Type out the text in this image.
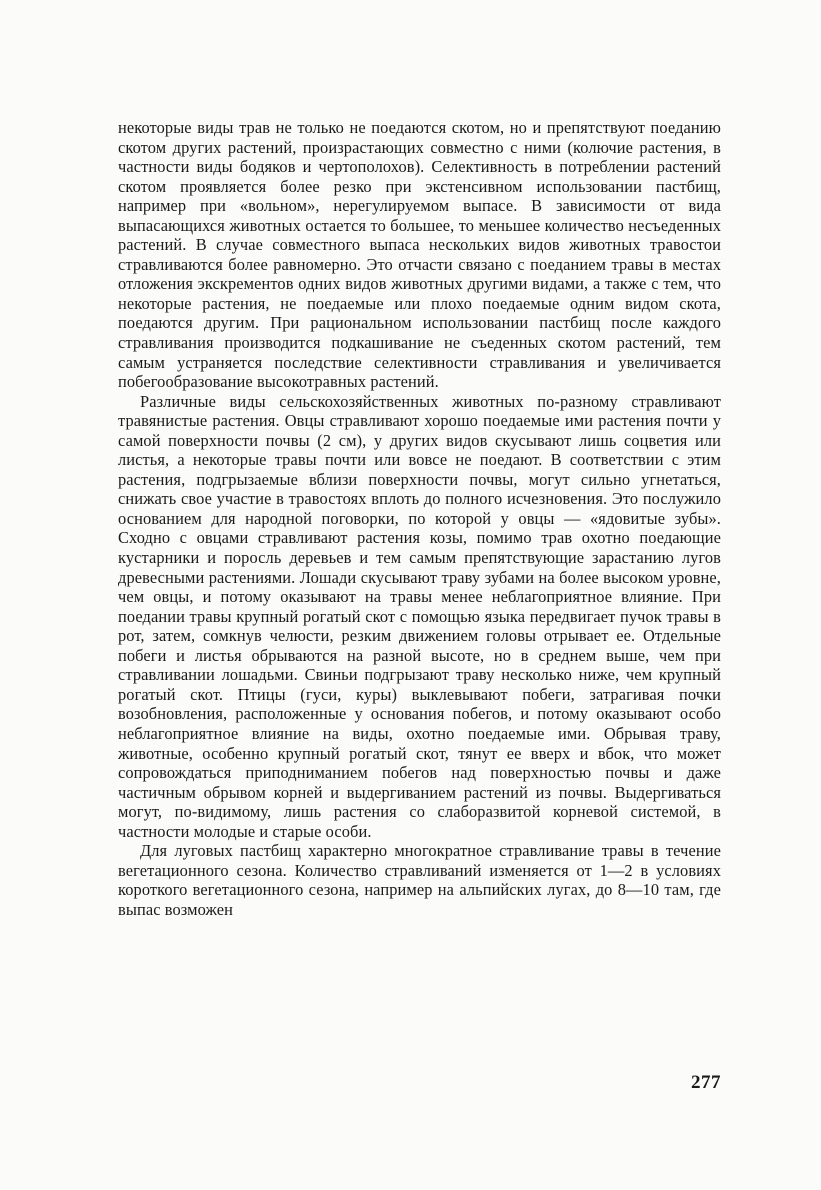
некоторые виды трав не только не поедаются скотом, но и препятствуют поеданию скотом других растений, произрастающих совместно с ними (колючие растения, в частности виды бодяков и чертополохов). Селективность в потреблении растений скотом проявляется более резко при экстенсивном использовании пастбищ, например при «вольном», нерегулируемом выпасе. В зависимости от вида выпасающихся животных остается то большее, то меньшее количество несъеденных растений. В случае совместного выпаса нескольких видов животных травостои стравливаются более равномерно. Это отчасти связано с поеданием травы в местах отложения экскрементов одних видов животных другими видами, а также с тем, что некоторые растения, не поедаемые или плохо поедаемые одним видом скота, поедаются другим. При рациональном использовании пастбищ после каждого стравливания производится подкашивание не съеденных скотом растений, тем самым устраняется последствие селективности стравливания и увеличивается побегообразование высокотравных растений.

Различные виды сельскохозяйственных животных по-разному стравливают травянистые растения. Овцы стравливают хорошо поедаемые ими растения почти у самой поверхности почвы (2 см), у других видов скусывают лишь соцветия или листья, а некоторые травы почти или вовсе не поедают. В соответствии с этим растения, подгрызаемые вблизи поверхности почвы, могут сильно угнетаться, снижать свое участие в травостоях вплоть до полного исчезновения. Это послужило основанием для народной поговорки, по которой у овцы — «ядовитые зубы». Сходно с овцами стравливают растения козы, помимо трав охотно поедающие кустарники и поросль деревьев и тем самым препятствующие зарастанию лугов древесными растениями. Лошади скусывают траву зубами на более высоком уровне, чем овцы, и потому оказывают на травы менее неблагоприятное влияние. При поедании травы крупный рогатый скот с помощью языка передвигает пучок травы в рот, затем, сомкнув челюсти, резким движением головы отрывает ее. Отдельные побеги и листья обрываются на разной высоте, но в среднем выше, чем при стравливании лошадьми. Свиньи подгрызают траву несколько ниже, чем крупный рогатый скот. Птицы (гуси, куры) выклевывают побеги, затрагивая почки возобновления, расположенные у основания побегов, и потому оказывают особо неблагоприятное влияние на виды, охотно поедаемые ими. Обрывая траву, животные, особенно крупный рогатый скот, тянут ее вверх и вбок, что может сопровождаться приподниманием побегов над поверхностью почвы и даже частичным обрывом корней и выдергиванием растений из почвы. Выдергиваться могут, по-видимому, лишь растения со слаборазвитой корневой системой, в частности молодые и старые особи.

Для луговых пастбищ характерно многократное стравливание травы в течение вегетационного сезона. Количество стравливаний изменяется от 1—2 в условиях короткого вегетационного сезона, например на альпийских лугах, до 8—10 там, где выпас возможен

277
